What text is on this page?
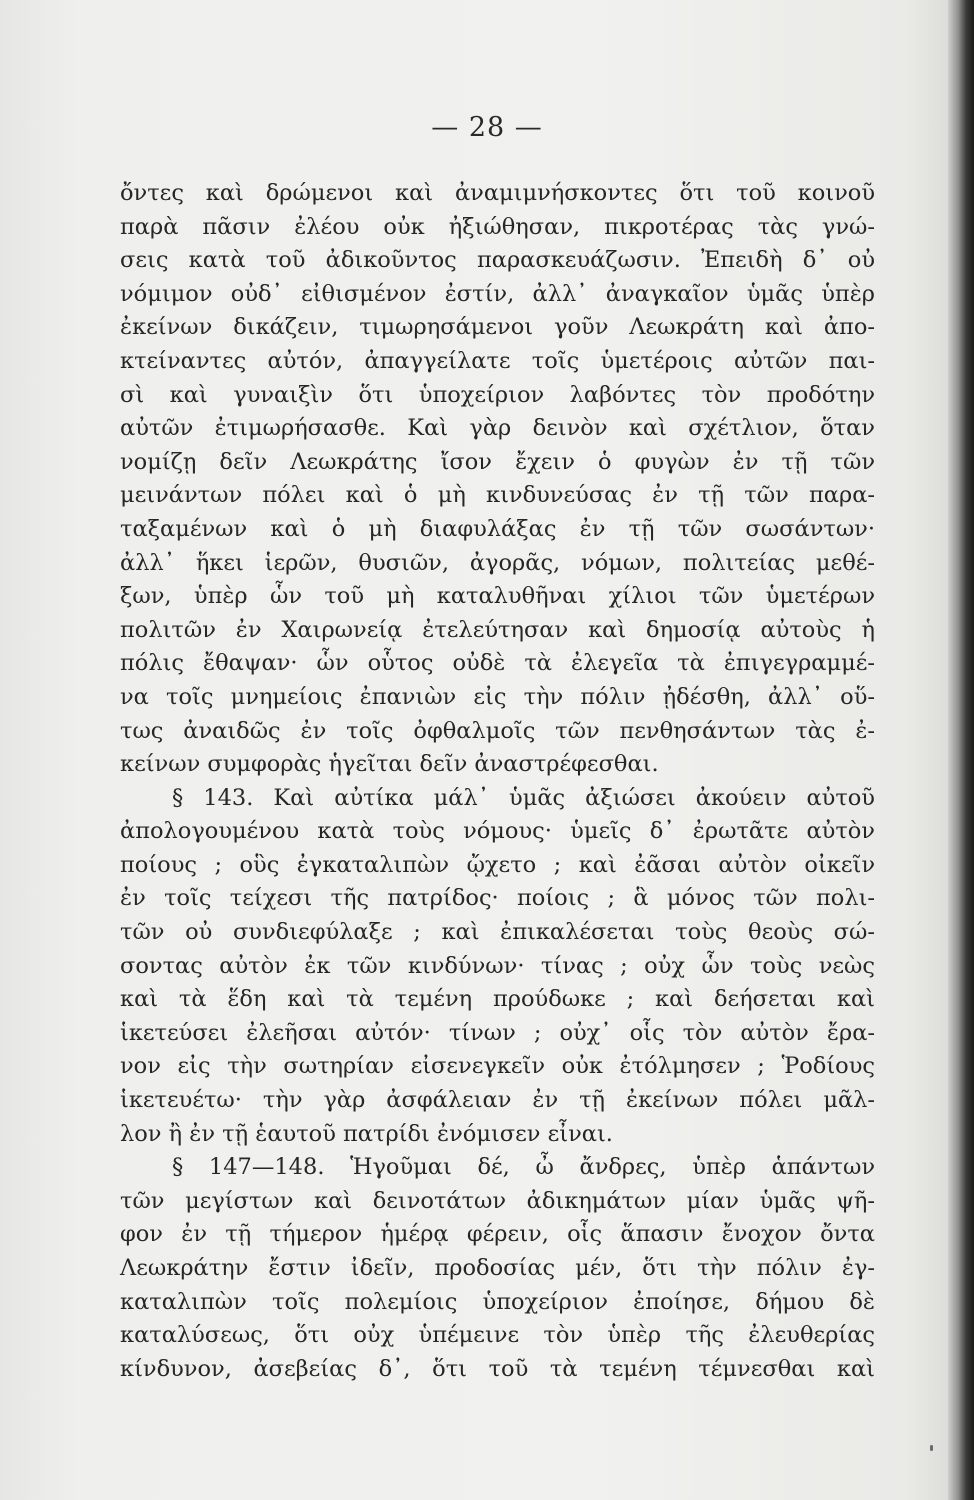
— 28 —
ὄντες καὶ δρώμενοι καὶ ἀναμιμνήσκοντες ὅτι τοῦ κοινοῦ
παρὰ πᾶσιν ἐλέου οὐκ ἠξιώθησαν, πικροτέρας τὰς γνώ-
σεις κατὰ τοῦ ἀδικοῦντος παρασκευάζωσιν. Ἐπειδὴ δ᾽ οὐ
νόμιμον οὐδ᾽ εἰθισμένον ἐστίν, ἀλλ᾽ ἀναγκαῖον ὑμᾶς ὑπὲρ
ἐκείνων δικάζειν, τιμωρησάμενοι γοῦν Λεωκράτη καὶ ἀπο-
κτείναντες αὐτόν, ἀπαγγείλατε τοῖς ὑμετέροις αὐτῶν παι-
σὶ καὶ γυναιξὶν ὅτι ὑποχείριον λαβόντες τὸν προδότην
αὐτῶν ἐτιμωρήσασθε. Καὶ γὰρ δεινὸν καὶ σχέτλιον, ὅταν
νομίζῃ δεῖν Λεωκράτης ἴσον ἔχειν ὁ φυγὼν ἐν τῇ τῶν
μεινάντων πόλει καὶ ὁ μὴ κινδυνεύσας ἐν τῇ τῶν παρα-
ταξαμένων καὶ ὁ μὴ διαφυλάξας ἐν τῇ τῶν σωσάντων·
ἀλλ᾽ ἥκει ἱερῶν, θυσιῶν, ἀγορᾶς, νόμων, πολιτείας μεθέ-
ξων, ὑπὲρ ὧν τοῦ μὴ καταλυθῆναι χίλιοι τῶν ὑμετέρων
πολιτῶν ἐν Χαιρωνείᾳ ἐτελεύτησαν καὶ δημοσίᾳ αὐτοὺς ἡ
πόλις ἔθαψαν· ὧν οὗτος οὐδὲ τὰ ἐλεγεῖα τὰ ἐπιγεγραμμέ-
να τοῖς μνημείοις ἐπανιὼν εἰς τὴν πόλιν ᾐδέσθη, ἀλλ᾽ οὕ-
τως ἀναιδῶς ἐν τοῖς ὀφθαλμοῖς τῶν πενθησάντων τὰς ἐ-
κείνων συμφορὰς ἡγεῖται δεῖν ἀναστρέφεσθαι.
§ 143. Καὶ αὐτίκα μάλ᾽ ὑμᾶς ἀξιώσει ἀκούειν αὐτοῦ
ἀπολογουμένου κατὰ τοὺς νόμους· ὑμεῖς δ᾽ ἐρωτᾶτε αὐτὸν
ποίους ; οὓς ἐγκαταλιπὼν ᾤχετο ; καὶ ἐᾶσαι αὐτὸν οἰκεῖν
ἐν τοῖς τείχεσι τῆς πατρίδος· ποίοις ; ἃ μόνος τῶν πολι-
τῶν οὐ συνδιεφύλαξε ; καὶ ἐπικαλέσεται τοὺς θεοὺς σώ-
σοντας αὐτὸν ἐκ τῶν κινδύνων· τίνας ; οὐχ ὧν τοὺς νεὼς
καὶ τὰ ἕδη καὶ τὰ τεμένη προύδωκε ; καὶ δεήσεται καὶ
ἱκετεύσει ἐλεῆσαι αὐτόν· τίνων ; οὐχ᾽ οἷς τὸν αὐτὸν ἔρα-
νον εἰς τὴν σωτηρίαν εἰσενεγκεῖν οὐκ ἐτόλμησεν ; Ῥοδίους
ἱκετευέτω· τὴν γὰρ ἀσφάλειαν ἐν τῇ ἐκείνων πόλει μᾶλ-
λον ἢ ἐν τῇ ἑαυτοῦ πατρίδι ἐνόμισεν εἶναι.
§ 147—148. Ἡγοῦμαι δέ, ὦ ἄνδρες, ὑπὲρ ἁπάντων
τῶν μεγίστων καὶ δεινοτάτων ἀδικημάτων μίαν ὑμᾶς ψῆ-
φον ἐν τῇ τήμερον ἡμέρᾳ φέρειν, οἷς ἅπασιν ἔνοχον ὄντα
Λεωκράτην ἔστιν ἰδεῖν, προδοσίας μέν, ὅτι τὴν πόλιν ἐγ-
καταλιπὼν τοῖς πολεμίοις ὑποχείριον ἐποίησε, δήμου δὲ
καταλύσεως, ὅτι οὐχ ὑπέμεινε τὸν ὑπὲρ τῆς ἐλευθερίας
κίνδυνον, ἀσεβείας δ᾽, ὅτι τοῦ τὰ τεμένη τέμνεσθαι καὶ
